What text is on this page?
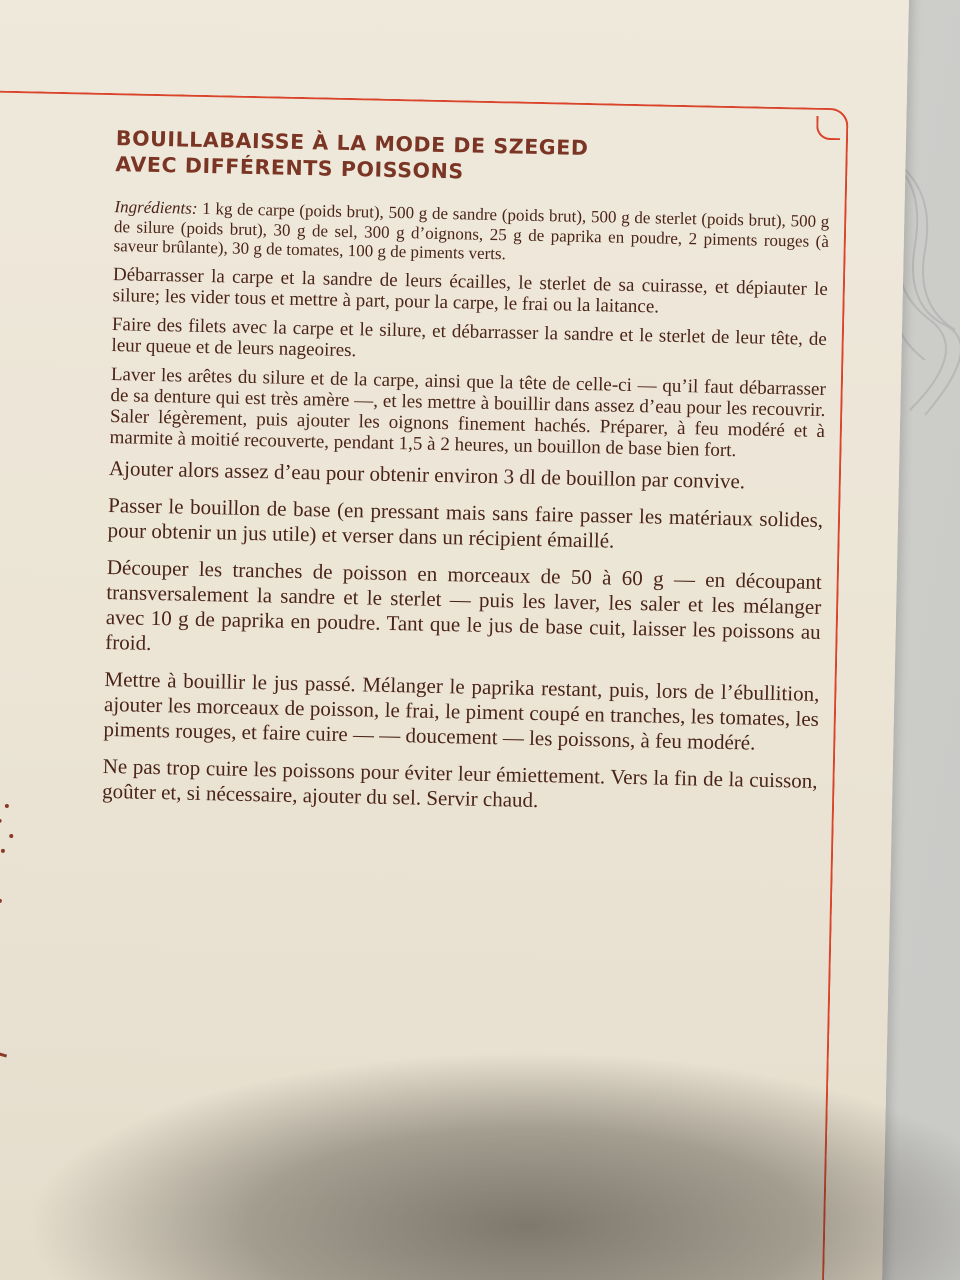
BOUILLABAISSE À LA MODE DE SZEGED
AVEC DIFFÉRENTS POISSONS

Ingrédients: 1 kg de carpe (poids brut), 500 g de sandre (poids brut), 500 g de sterlet (poids brut), 500 g de silure (poids brut), 30 g de sel, 300 g d’oignons, 25 g de paprika en poudre, 2 piments rouges (à saveur brûlante), 30 g de tomates, 100 g de piments verts.

Débarrasser la carpe et la sandre de leurs écailles, le sterlet de sa cuirasse, et dépiauter le silure; les vider tous et mettre à part, pour la carpe, le frai ou la laitance.

Faire des filets avec la carpe et le silure, et débarrasser la sandre et le sterlet de leur tête, de leur queue et de leurs nageoires.

Laver les arêtes du silure et de la carpe, ainsi que la tête de celle-ci — qu’il faut débarrasser de sa denture qui est très amère —, et les mettre à bouillir dans assez d’eau pour les recouvrir. Saler légèrement, puis ajouter les oignons finement hachés. Préparer, à feu modéré et à marmite à moitié recouverte, pendant 1,5 à 2 heures, un bouillon de base bien fort.

Ajouter alors assez d’eau pour obtenir environ 3 dl de bouillon par convive.

Passer le bouillon de base (en pressant mais sans faire passer les matériaux solides, pour obtenir un jus utile) et verser dans un récipient émaillé.

Découper les tranches de poisson en morceaux de 50 à 60 g — en découpant transversalement la sandre et le sterlet — puis les laver, les saler et les mélanger avec 10 g de paprika en poudre. Tant que le jus de base cuit, laisser les poissons au froid.

Mettre à bouillir le jus passé. Mélanger le paprika restant, puis, lors de l’ébullition, ajouter les morceaux de poisson, le frai, le piment coupé en tranches, les tomates, les piments rouges, et faire cuire — — doucement — les poissons, à feu modéré.

Ne pas trop cuire les poissons pour éviter leur émiettement. Vers la fin de la cuisson, goûter et, si nécessaire, ajouter du sel. Servir chaud.
